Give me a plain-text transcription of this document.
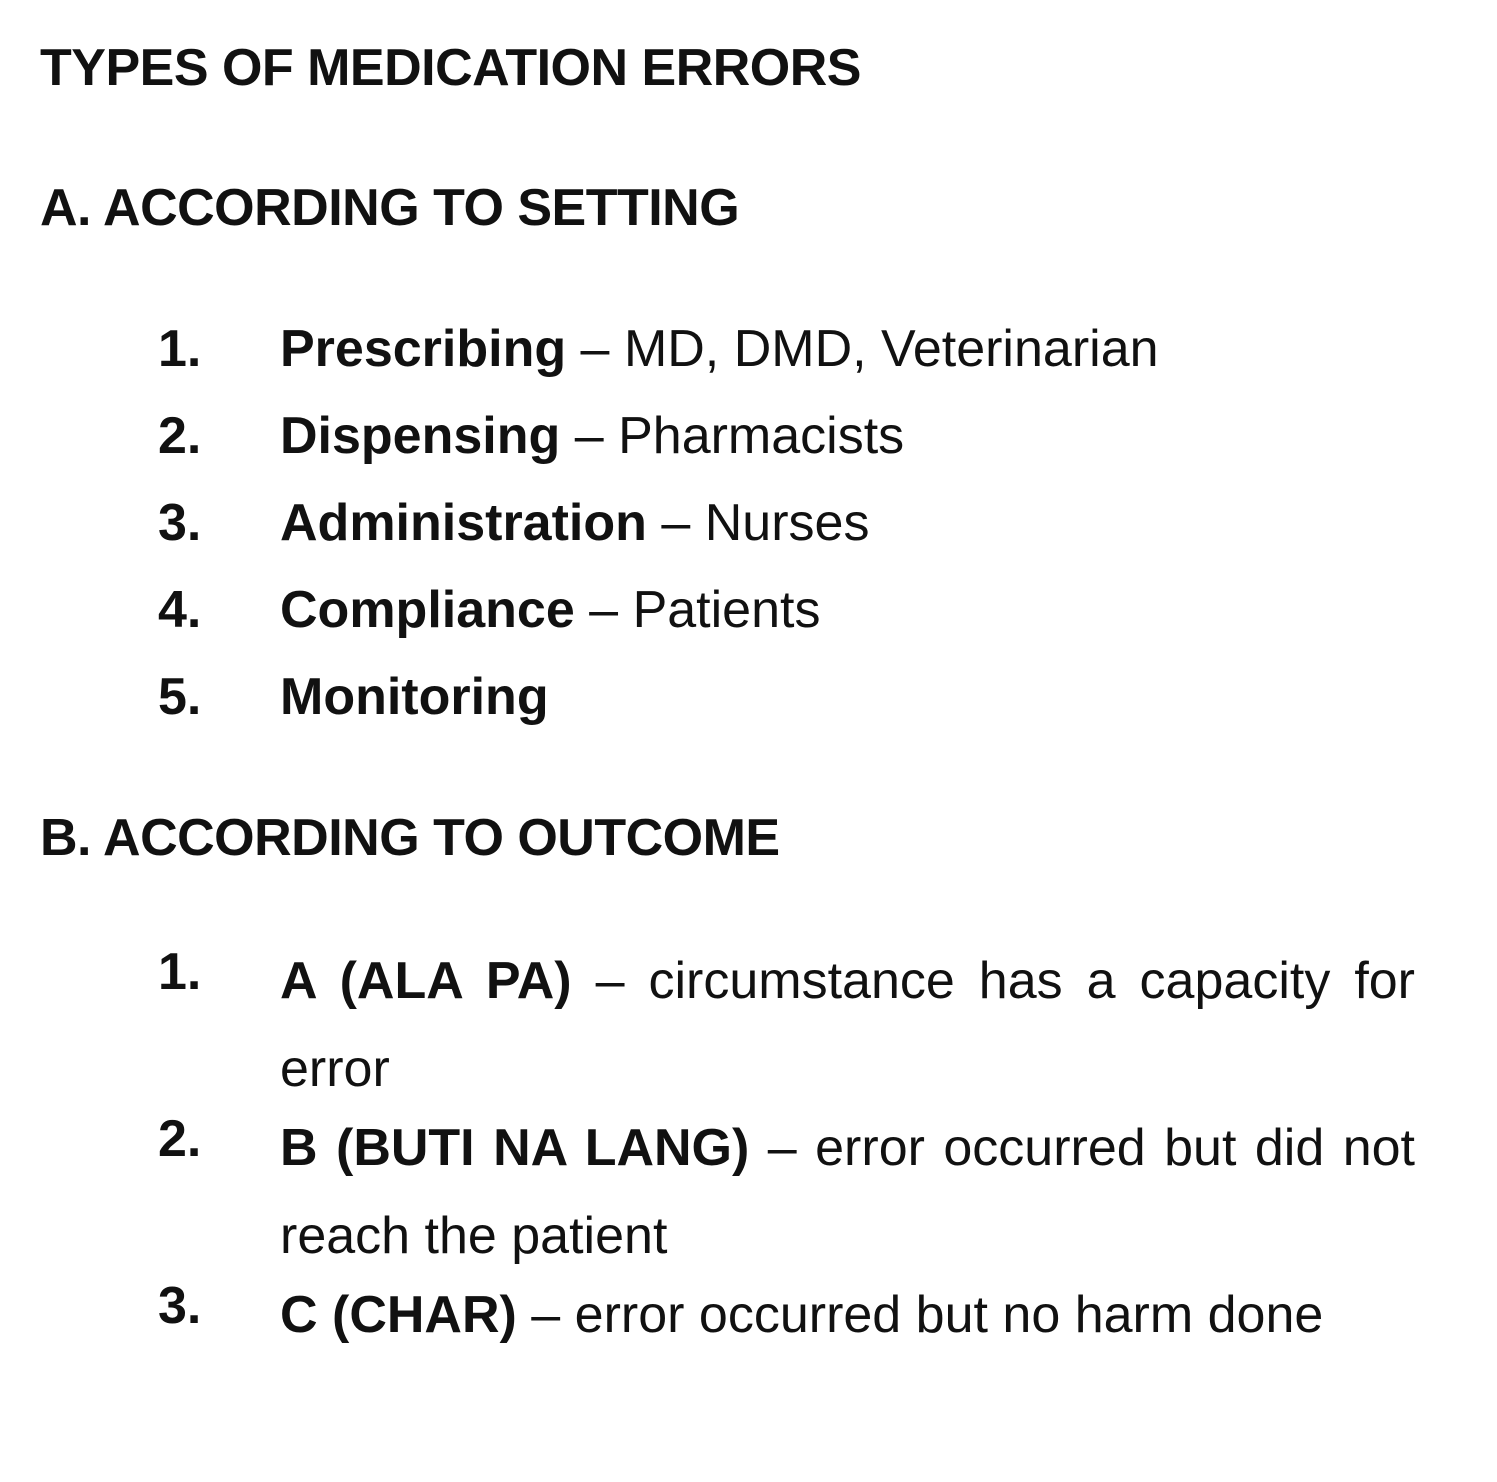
TYPES OF MEDICATION ERRORS
A. ACCORDING TO SETTING
1. Prescribing – MD, DMD, Veterinarian
2. Dispensing – Pharmacists
3. Administration – Nurses
4. Compliance – Patients
5. Monitoring
B. ACCORDING TO OUTCOME
1. A (ALA PA) – circumstance has a capacity for error
2. B (BUTI NA LANG) – error occurred but did not reach the patient
3. C (CHAR) – error occurred but no harm done
